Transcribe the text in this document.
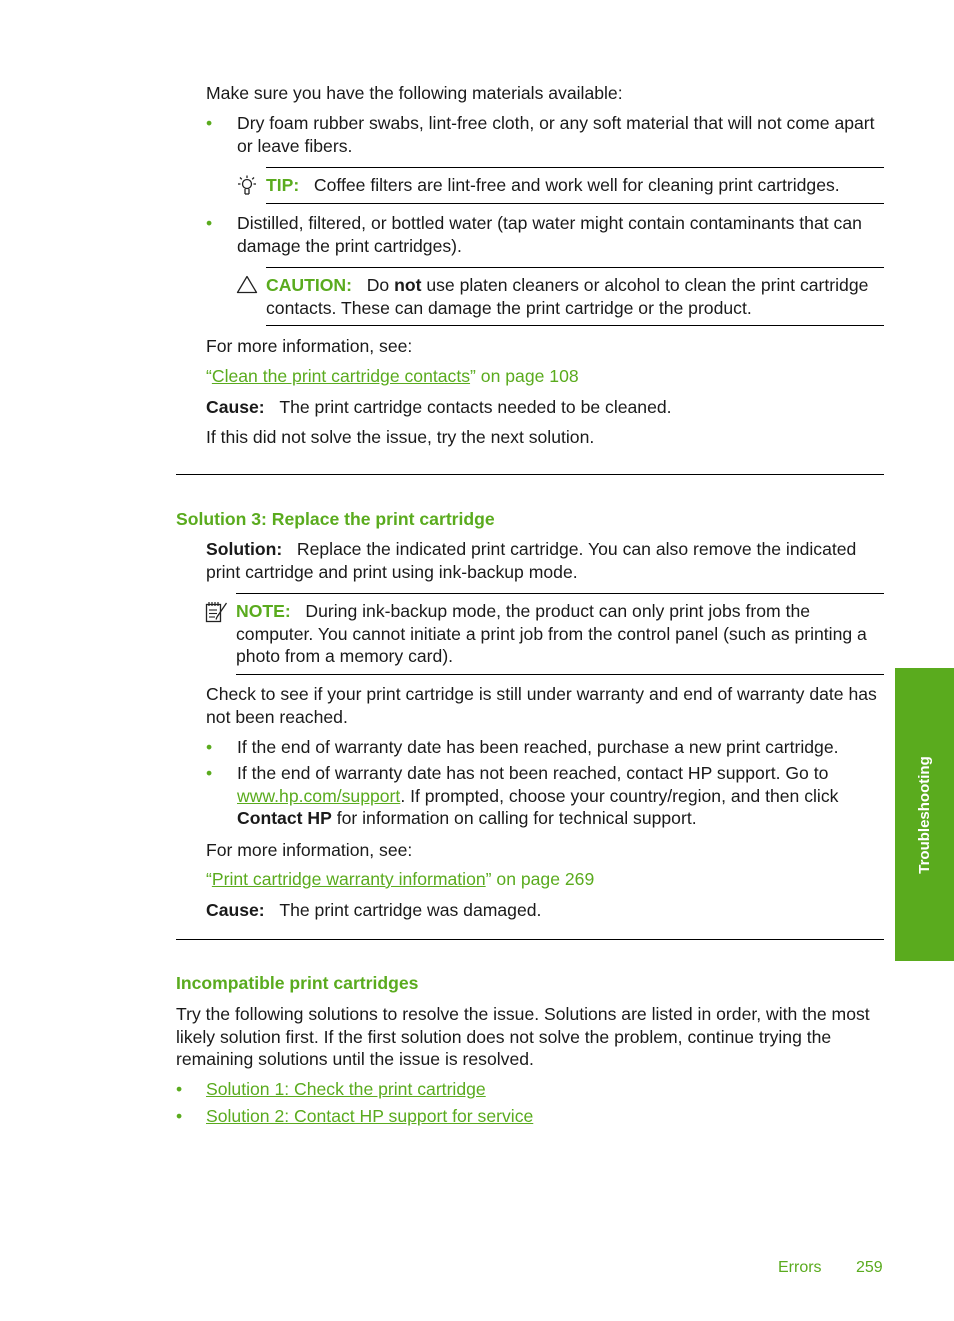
Make sure you have the following materials available:
• Dry foam rubber swabs, lint-free cloth, or any soft material that will not come apart or leave fibers.
TIP: Coffee filters are lint-free and work well for cleaning print cartridges.
• Distilled, filtered, or bottled water (tap water might contain contaminants that can damage the print cartridges).
CAUTION: Do not use platen cleaners or alcohol to clean the print cartridge contacts. These can damage the print cartridge or the product.
For more information, see:
“Clean the print cartridge contacts” on page 108
Cause: The print cartridge contacts needed to be cleaned.
If this did not solve the issue, try the next solution.
Solution 3: Replace the print cartridge
Solution: Replace the indicated print cartridge. You can also remove the indicated print cartridge and print using ink-backup mode.
NOTE: During ink-backup mode, the product can only print jobs from the computer. You cannot initiate a print job from the control panel (such as printing a photo from a memory card).
Check to see if your print cartridge is still under warranty and end of warranty date has not been reached.
• If the end of warranty date has been reached, purchase a new print cartridge.
• If the end of warranty date has not been reached, contact HP support. Go to www.hp.com/support. If prompted, choose your country/region, and then click Contact HP for information on calling for technical support.
For more information, see:
“Print cartridge warranty information” on page 269
Cause: The print cartridge was damaged.
Incompatible print cartridges
Try the following solutions to resolve the issue. Solutions are listed in order, with the most likely solution first. If the first solution does not solve the problem, continue trying the remaining solutions until the issue is resolved.
• Solution 1: Check the print cartridge
• Solution 2: Contact HP support for service
Troubleshooting
Errors 259
